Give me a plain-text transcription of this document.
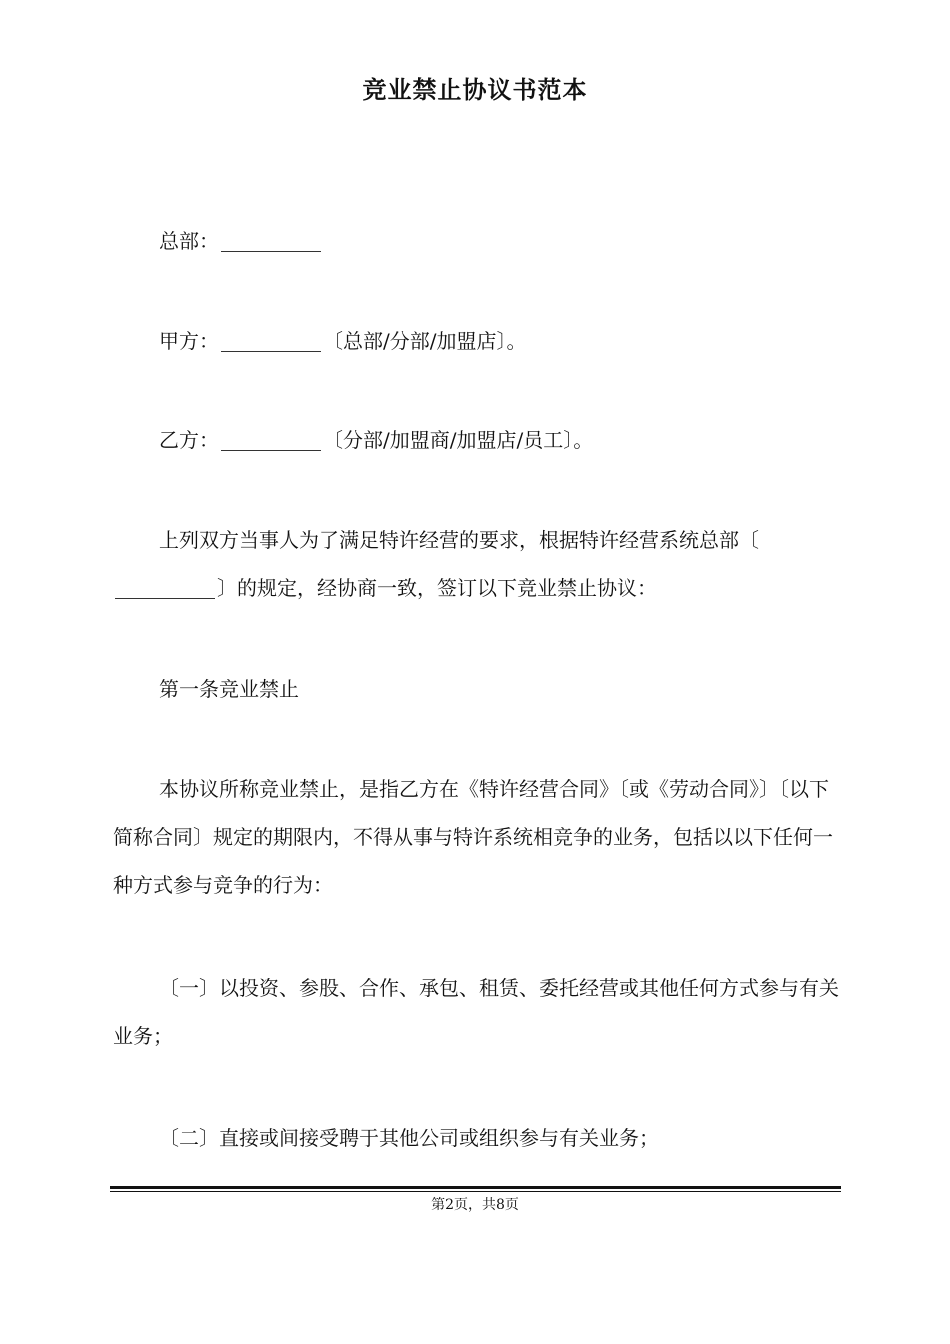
竞业禁止协议书范本
总部：
甲方：	〔总部/分部/加盟店〕。
乙方：	〔分部/加盟商/加盟店/员工〕。
上列双方当事人为了满足特许经营的要求，根据特许经营系统总部〔〕的规定，经协商一致，签订以下竞业禁止协议：
第一条竞业禁止
本协议所称竞业禁止，是指乙方在《特许经营合同》〔或《劳动合同》〕〔以下简称合同〕规定的期限内，不得从事与特许系统相竞争的业务，包括以以下任何一种方式参与竞争的行为：
〔一〕以投资、参股、合作、承包、租赁、委托经营或其他任何方式参与有关业务；
〔二〕直接或间接受聘于其他公司或组织参与有关业务；
第2页，共8页
